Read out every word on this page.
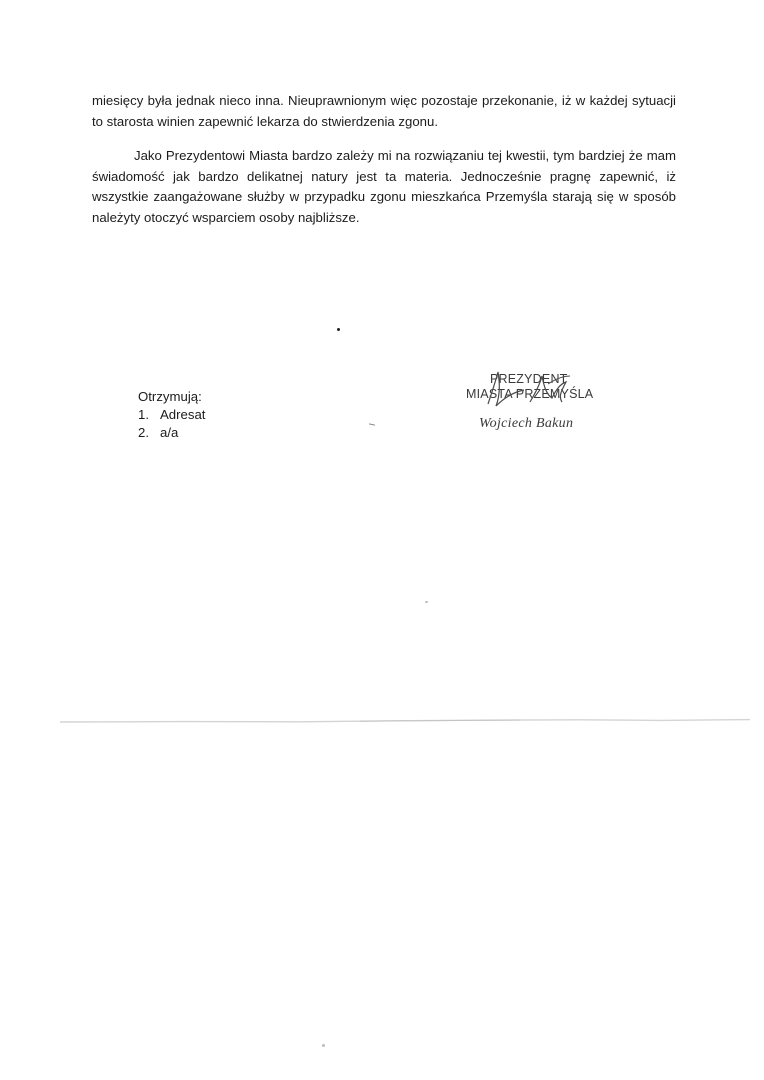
miesięcy była jednak nieco inna. Nieuprawnionym więc pozostaje przekonanie, iż w każdej sytuacji to starosta winien zapewnić lekarza do stwierdzenia zgonu.

Jako Prezydentowi Miasta bardzo zależy mi na rozwiązaniu tej kwestii, tym bardziej że mam świadomość jak bardzo delikatnej natury jest ta materia. Jednocześnie pragnę zapewnić, iż wszystkie zaangażowane służby w przypadku zgonu mieszkańca Przemyśla starają się w sposób należyty otoczyć wsparciem osoby najbliższe.

Otrzymują:
1. Adresat
2. a/a
PREZYDENT
MIASTA PRZEMYŚLA
Wojciech Bakun
